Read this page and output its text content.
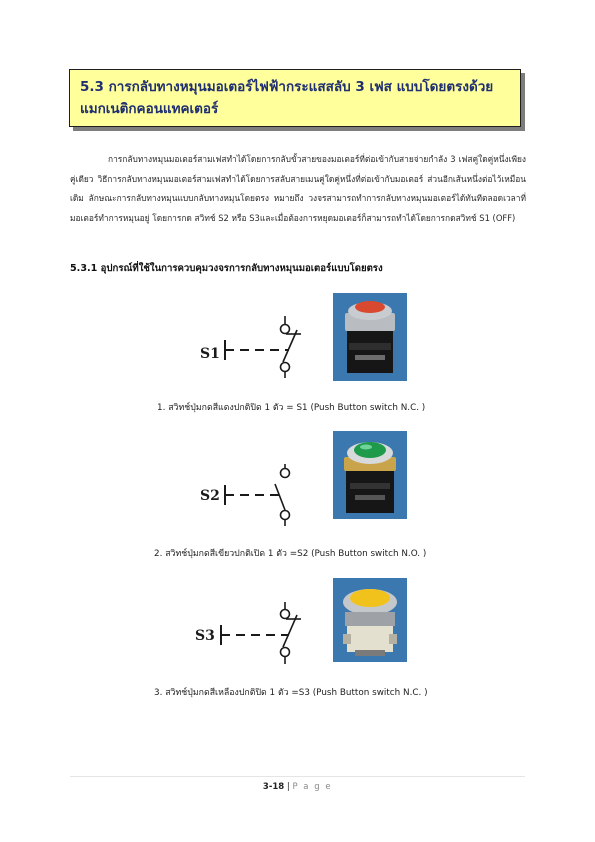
5.3 การกลับทางหมุนมอเตอร์ไฟฟ้ากระแสสลับ 3 เฟส แบบโดยตรงด้วย
แมกเนติกคอนแทคเตอร์
การกลับทางหมุนมอเตอร์สามเฟสทำได้โดยการกลับขั้วสายของมอเตอร์ที่ต่อเข้ากับสายจ่ายกำลัง 3 เฟสคู่ใดคู่หนึ่งเพียงคู่เดียว วิธีการกลับทางหมุนมอเตอร์สามเฟสทำได้โดยการสลับสายเมนคู่ใดคู่หนึ่งที่ต่อเข้ากับมอเตอร์ ส่วนอีกเส้นหนึ่งต่อไว้เหมือนเดิม ลักษณะการกลับทางหมุนแบบกลับทางหมุนโดยตรง หมายถึง วงจรสามารถทำการกลับทางหมุนมอเตอร์ได้ทันทีตลอดเวลาที่มอเตอร์ทำการหมุนอยู่ โดยการกด สวิทช์ S2 หรือ S3และเมื่อต้องการหยุดมอเตอร์ก็สามารถทำได้โดยการกดสวิทช์ S1 (OFF)
5.3.1 อุปกรณ์ที่ใช้ในการควบคุมวงจรการกลับทางหมุนมอเตอร์แบบโดยตรง
S1
1. สวิทช์ปุ่มกดสีแดงปกติปิด 1 ตัว = S1 (Push Button switch N.C. )
S2
2. สวิทช์ปุ่มกดสีเขียวปกติเปิด 1 ตัว =S2 (Push Button switch N.O. )
S3
3. สวิทช์ปุ่มกดสีเหลืองปกติปิด 1 ตัว =S3 (Push Button switch N.C. )
3-18 | P a g e
